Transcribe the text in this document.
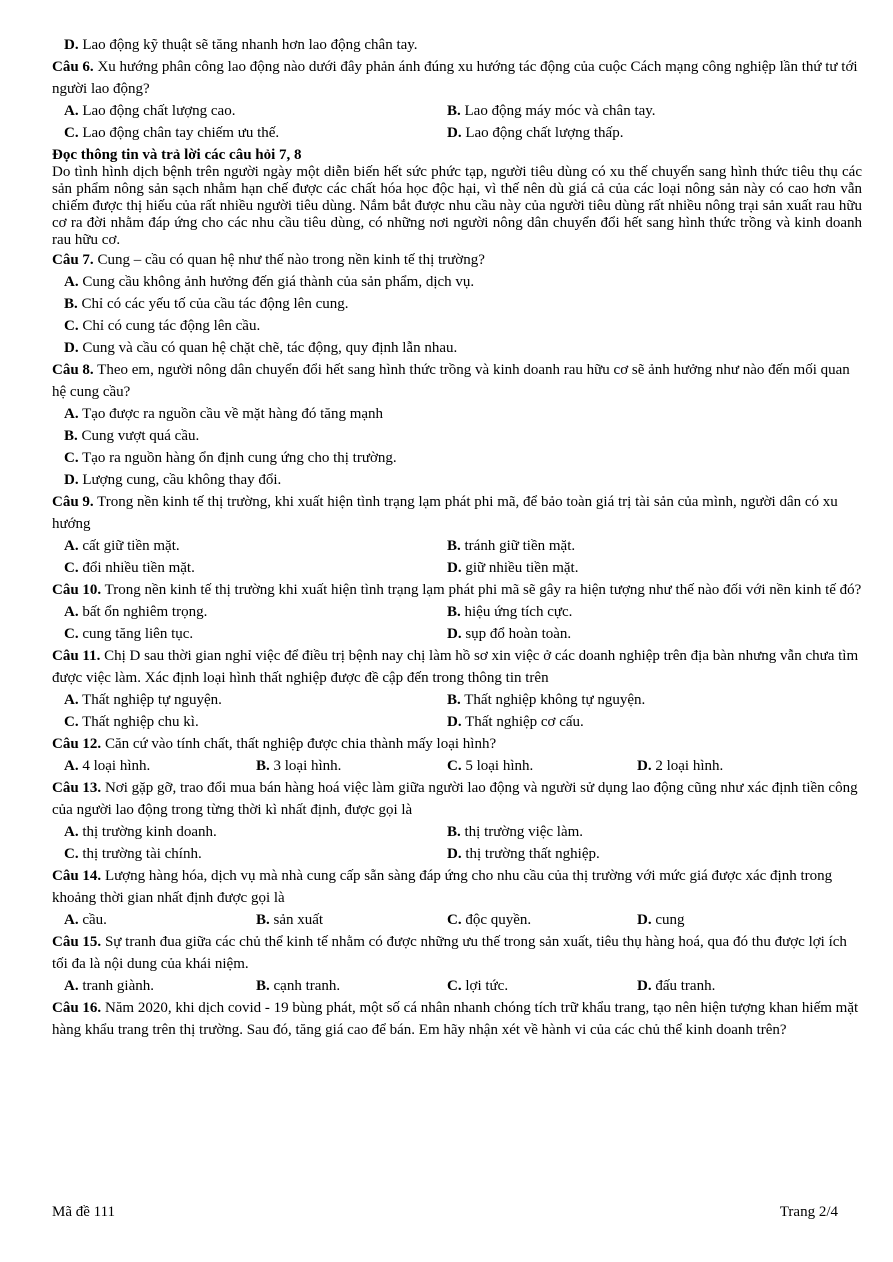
D. Lao động kỹ thuật sẽ tăng nhanh hơn lao động chân tay.
Câu 6. Xu hướng phân công lao động nào dưới đây phản ánh đúng xu hướng tác động của cuộc Cách mạng công nghiệp lần thứ tư tới người lao động?
A. Lao động chất lượng cao.	B. Lao động máy móc và chân tay.
C. Lao động chân tay chiếm ưu thế.	D. Lao động chất lượng thấp.
Đọc thông tin và trả lời các câu hỏi 7, 8
Do tình hình dịch bệnh trên người ngày một diễn biến hết sức phức tạp, người tiêu dùng có xu thế chuyển sang hình thức tiêu thụ các sản phẩm nông sản sạch nhằm hạn chế được các chất hóa học độc hại, vì thế nên dù giá cả của các loại nông sản này có cao hơn vẫn chiếm được thị hiếu của rất nhiều người tiêu dùng. Nắm bắt được nhu cầu này của người tiêu dùng rất nhiều nông trại sản xuất rau hữu cơ ra đời nhằm đáp ứng cho các nhu cầu tiêu dùng, có những nơi người nông dân chuyển đổi hết sang hình thức trồng và kinh doanh rau hữu cơ.
Câu 7. Cung – cầu có quan hệ như thế nào trong nền kinh tế thị trường?
A. Cung cầu không ảnh hưởng đến giá thành của sản phẩm, dịch vụ.
B. Chỉ có các yếu tố của cầu tác động lên cung.
C. Chỉ có cung tác động lên cầu.
D. Cung và cầu có quan hệ chặt chẽ, tác động, quy định lẫn nhau.
Câu 8. Theo em, người nông dân chuyển đổi hết sang hình thức trồng và kinh doanh rau hữu cơ sẽ ảnh hưởng như nào đến mối quan hệ cung cầu?
A. Tạo được ra nguồn cầu về mặt hàng đó tăng mạnh
B. Cung vượt quá cầu.
C. Tạo ra nguồn hàng ổn định cung ứng cho thị trường.
D. Lượng cung, cầu không thay đổi.
Câu 9. Trong nền kinh tế thị trường, khi xuất hiện tình trạng lạm phát phi mã, để bảo toàn giá trị tài sản của mình, người dân có xu hướng
A. cất giữ tiền mặt.	B. tránh giữ tiền mặt.
C. đổi nhiều tiền mặt.	D. giữ nhiều tiền mặt.
Câu 10. Trong nền kinh tế thị trường khi xuất hiện tình trạng lạm phát phi mã sẽ gây ra hiện tượng như thế nào đối với nền kinh tế đó?
A. bất ổn nghiêm trọng.	B. hiệu ứng tích cực.
C. cung tăng liên tục.	D. sụp đổ hoàn toàn.
Câu 11. Chị D sau thời gian nghỉ việc để điều trị bệnh nay chị làm hồ sơ xin việc ở các doanh nghiệp trên địa bàn nhưng vẫn chưa tìm được việc làm. Xác định loại hình thất nghiệp được đề cập đến trong thông tin trên
A. Thất nghiệp tự nguyện.	B. Thất nghiệp không tự nguyện.
C. Thất nghiệp chu kì.	D. Thất nghiệp cơ cấu.
Câu 12. Căn cứ vào tính chất, thất nghiệp được chia thành mấy loại hình?
A. 4 loại hình.	B. 3 loại hình.	C. 5 loại hình.	D. 2 loại hình.
Câu 13. Nơi gặp gỡ, trao đổi mua bán hàng hoá việc làm giữa người lao động và người sử dụng lao động cũng như xác định tiền công của người lao động trong từng thời kì nhất định, được gọi là
A. thị trường kinh doanh.	B. thị trường việc làm.
C. thị trường tài chính.	D. thị trường thất nghiệp.
Câu 14. Lượng hàng hóa, dịch vụ mà nhà cung cấp sẵn sàng đáp ứng cho nhu cầu của thị trường với mức giá được xác định trong khoảng thời gian nhất định được gọi là
A. cầu.	B. sản xuất	C. độc quyền.	D. cung
Câu 15. Sự tranh đua giữa các chủ thể kinh tế nhằm có được những ưu thế trong sản xuất, tiêu thụ hàng hoá, qua đó thu được lợi ích tối đa là nội dung của khái niệm.
A. tranh giành.	B. cạnh tranh.	C. lợi tức.	D. đấu tranh.
Câu 16. Năm 2020, khi dịch covid - 19 bùng phát, một số cá nhân nhanh chóng tích trữ khẩu trang, tạo nên hiện tượng khan hiếm mặt hàng khẩu trang trên thị trường. Sau đó, tăng giá cao để bán. Em hãy nhận xét về hành vi của các chủ thể kinh doanh trên?
Mã đề 111	Trang 2/4
